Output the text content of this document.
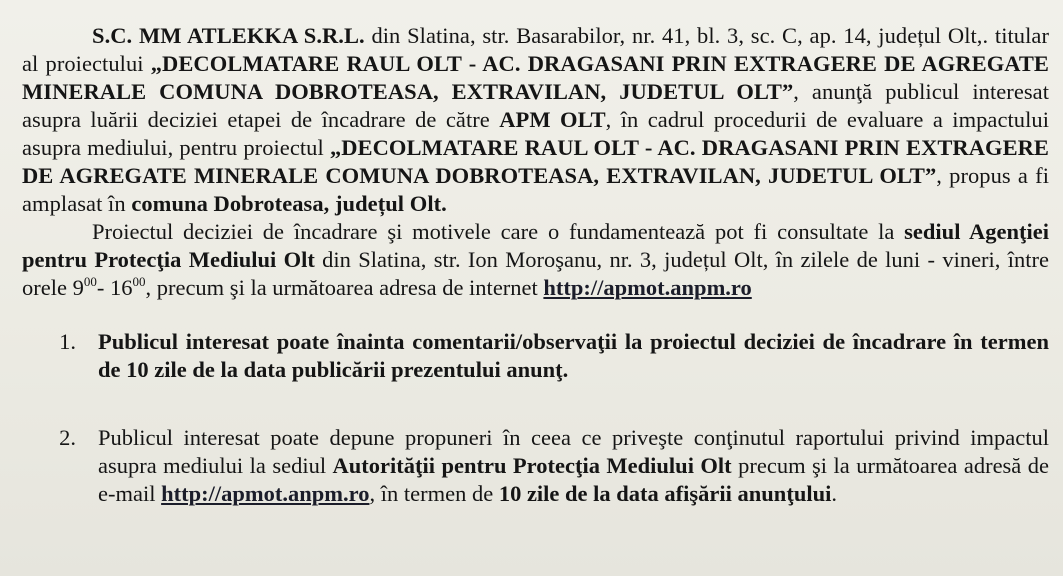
S.C. MM ATLEKKA S.R.L. din Slatina, str. Basarabilor, nr. 41, bl. 3, sc. C, ap. 14, județul Olt,. titular al proiectului „DECOLMATARE RAUL OLT - AC. DRAGASANI PRIN EXTRAGERE DE AGREGATE MINERALE COMUNA DOBROTEASA, EXTRAVILAN, JUDETUL OLT”, anunţă publicul interesat asupra luării deciziei etapei de încadrare de către APM OLT, în cadrul procedurii de evaluare a impactului asupra mediului, pentru proiectul „DECOLMATARE RAUL OLT - AC. DRAGASANI PRIN EXTRAGERE DE AGREGATE MINERALE COMUNA DOBROTEASA, EXTRAVILAN, JUDETUL OLT”, propus a fi amplasat în comuna Dobroteasa, județul Olt.

Proiectul deciziei de încadrare şi motivele care o fundamentează pot fi consultate la sediul Agenţiei pentru Protecţia Mediului Olt din Slatina, str. Ion Moroşanu, nr. 3, județul Olt, în zilele de luni - vineri, între orele $9^{00}-$ $16^{00}$, precum şi la următoarea adresa de internet http://apmot.anpm.ro

1. Publicul interesat poate înainta comentarii/observaţii la proiectul deciziei de încadrare în termen de 10 zile de la data publicării prezentului anunţ.
2. Publicul interesat poate depune propuneri în ceea ce priveşte conţinutul raportului privind impactul asupra mediului la sediul Autorităţii pentru Protecţia Mediului Olt precum şi la următoarea adresă de e-mail http://apmot.anpm.ro, în termen de 10 zile de la data afişării anunţului.
